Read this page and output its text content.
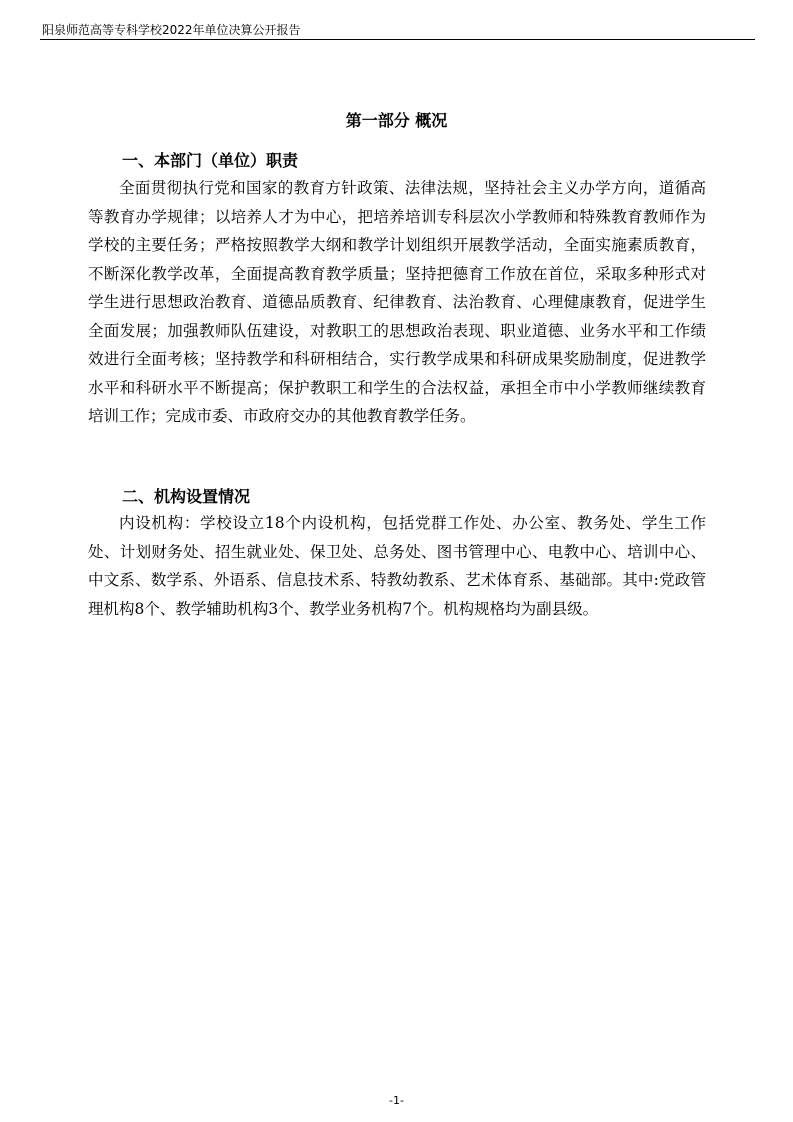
阳泉师范高等专科学校2022年单位决算公开报告
第一部分 概况
一、本部门（单位）职责

全面贯彻执行党和国家的教育方针政策、法律法规，坚持社会主义办学方向，道循高等教育办学规律；以培养人才为中心，把培养培训专科层次小学教师和特殊教育教师作为学校的主要任务；严格按照教学大纲和教学计划组织开展教学活动，全面实施素质教育，不断深化教学改革，全面提高教育教学质量；坚持把德育工作放在首位，采取多种形式对学生进行思想政治教育、道德品质教育、纪律教育、法治教育、心理健康教育，促进学生全面发展；加强教师队伍建设，对教职工的思想政治表现、职业道德、业务水平和工作绩效进行全面考核；坚持教学和科研相结合，实行教学成果和科研成果奖励制度，促进教学水平和科研水平不断提高；保护教职工和学生的合法权益，承担全市中小学教师继续教育培训工作；完成市委、市政府交办的其他教育教学任务。

二、机构设置情况

内设机构：学校设立18个内设机构，包括党群工作处、办公室、教务处、学生工作处、计划财务处、招生就业处、保卫处、总务处、图书管理中心、电教中心、培训中心、中文系、数学系、外语系、信息技术系、特教幼教系、艺术体育系、基础部。其中:党政管理机构8个、教学辅助机构3个、教学业务机构7个。机构规格均为副县级。

-1-
